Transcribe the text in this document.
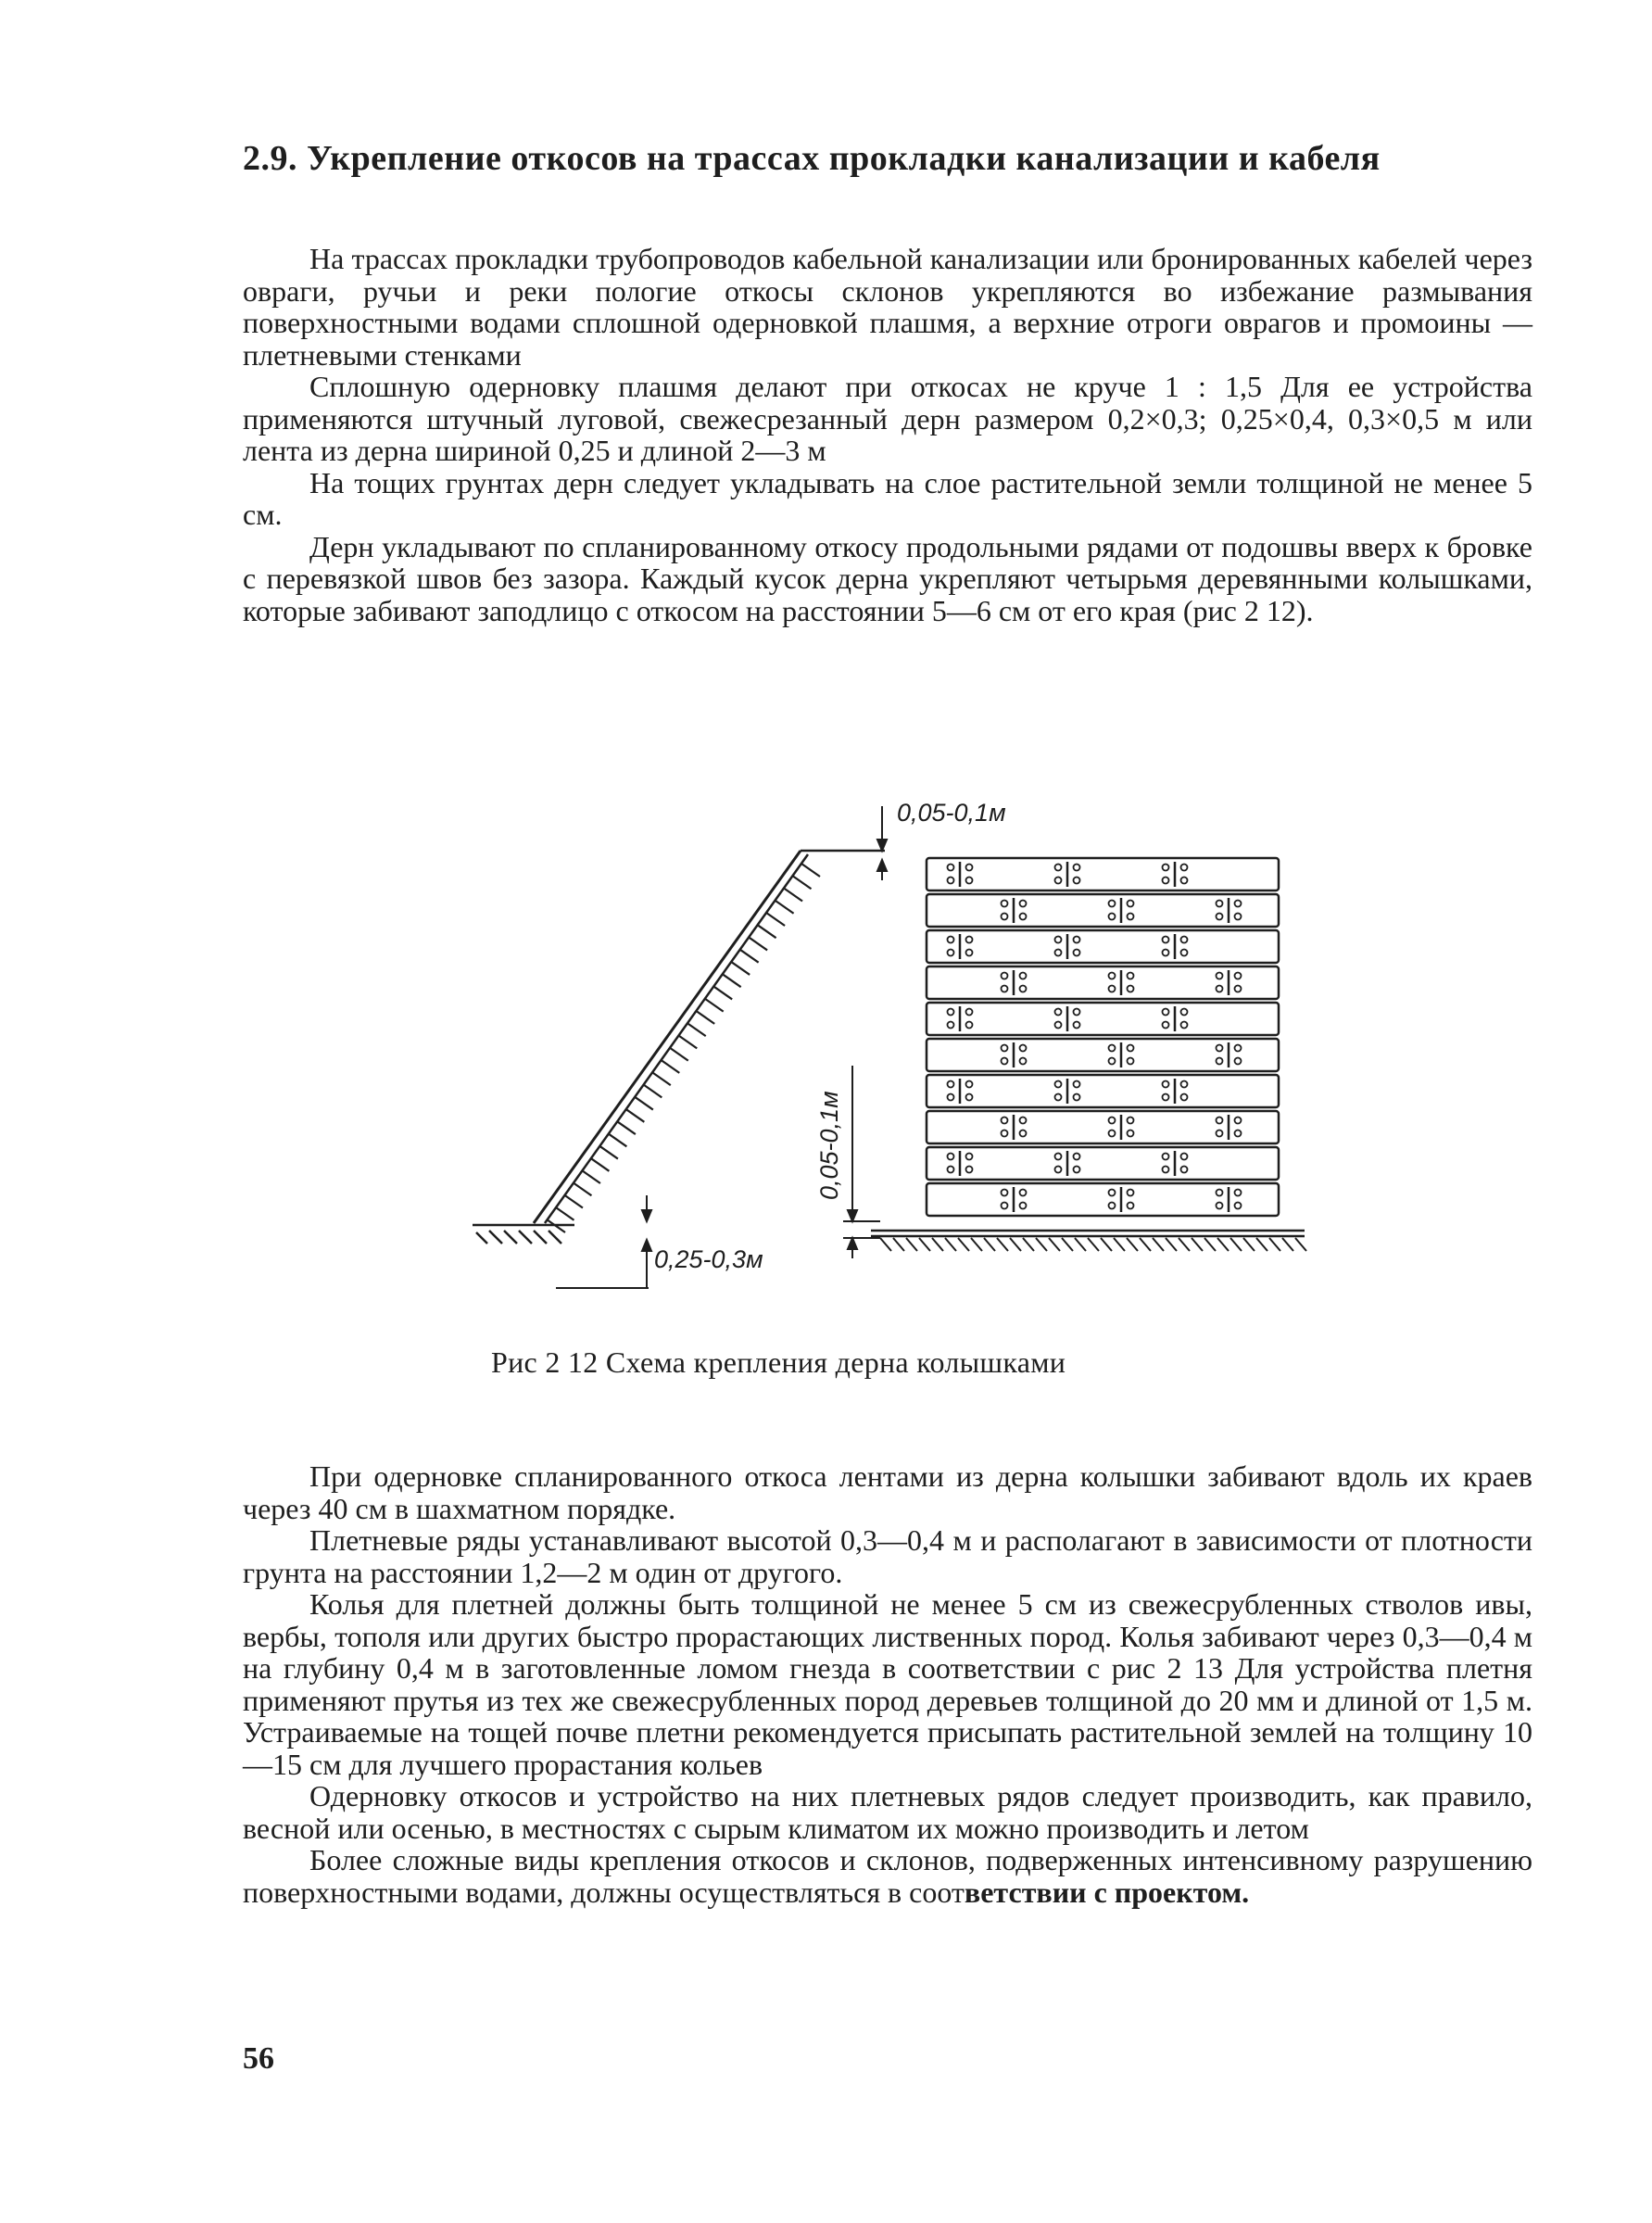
2.9. Укрепление откосов на трассах прокладки канализации и кабеля

На трассах прокладки трубопроводов кабельной канализации или бронированных кабелей через овраги, ручьи и реки пологие откосы склонов укрепляются во избежание размывания поверхностными водами сплошной одерновкой плашмя, а верхние отроги оврагов и промоины — плетневыми стенками

Сплошную одерновку плашмя делают при откосах не круче 1 : 1,5 Для ее устройства применяются штучный луговой, свежесрезанный дерн размером 0,2×0,3; 0,25×0,4, 0,3×0,5 м или лента из дерна шириной 0,25 и длиной 2—3 м

На тощих грунтах дерн следует укладывать на слое растительной земли толщиной не менее 5 см.

Дерн укладывают по спланированному откосу продольными рядами от подошвы вверх к бровке с перевязкой швов без зазора. Каждый кусок дерна укрепляют четырьмя деревянными колышками, которые забивают заподлицо с откосом на расстоянии 5—6 см от его края (рис 2 12).

0,05-0,1м
0,05-0,1м
0,25-0,3м
Рис 2 12 Схема крепления дерна колышками

При одерновке спланированного откоса лентами из дерна колышки забивают вдоль их краев через 40 см в шахматном порядке.

Плетневые ряды устанавливают высотой 0,3—0,4 м и располагают в зависимости от плотности грунта на расстоянии 1,2—2 м один от другого.

Колья для плетней должны быть толщиной не менее 5 см из свежесрубленных стволов ивы, вербы, тополя или других быстро прорастающих лиственных пород. Колья забивают через 0,3—0,4 м на глубину 0,4 м в заготовленные ломом гнезда в соответствии с рис 2 13 Для устройства плетня применяют прутья из тех же свежесрубленных пород деревьев толщиной до 20 мм и длиной от 1,5 м. Устраиваемые на тощей почве плетни рекомендуется присыпать растительной землей на толщину 10—15 см для лучшего прорастания кольев

Одерновку откосов и устройство на них плетневых рядов следует производить, как правило, весной или осенью, в местностях с сырым климатом их можно производить и летом

Более сложные виды крепления откосов и склонов, подверженных интенсивному разрушению поверхностными водами, должны осуществляться в соответствии с проектом.

56
